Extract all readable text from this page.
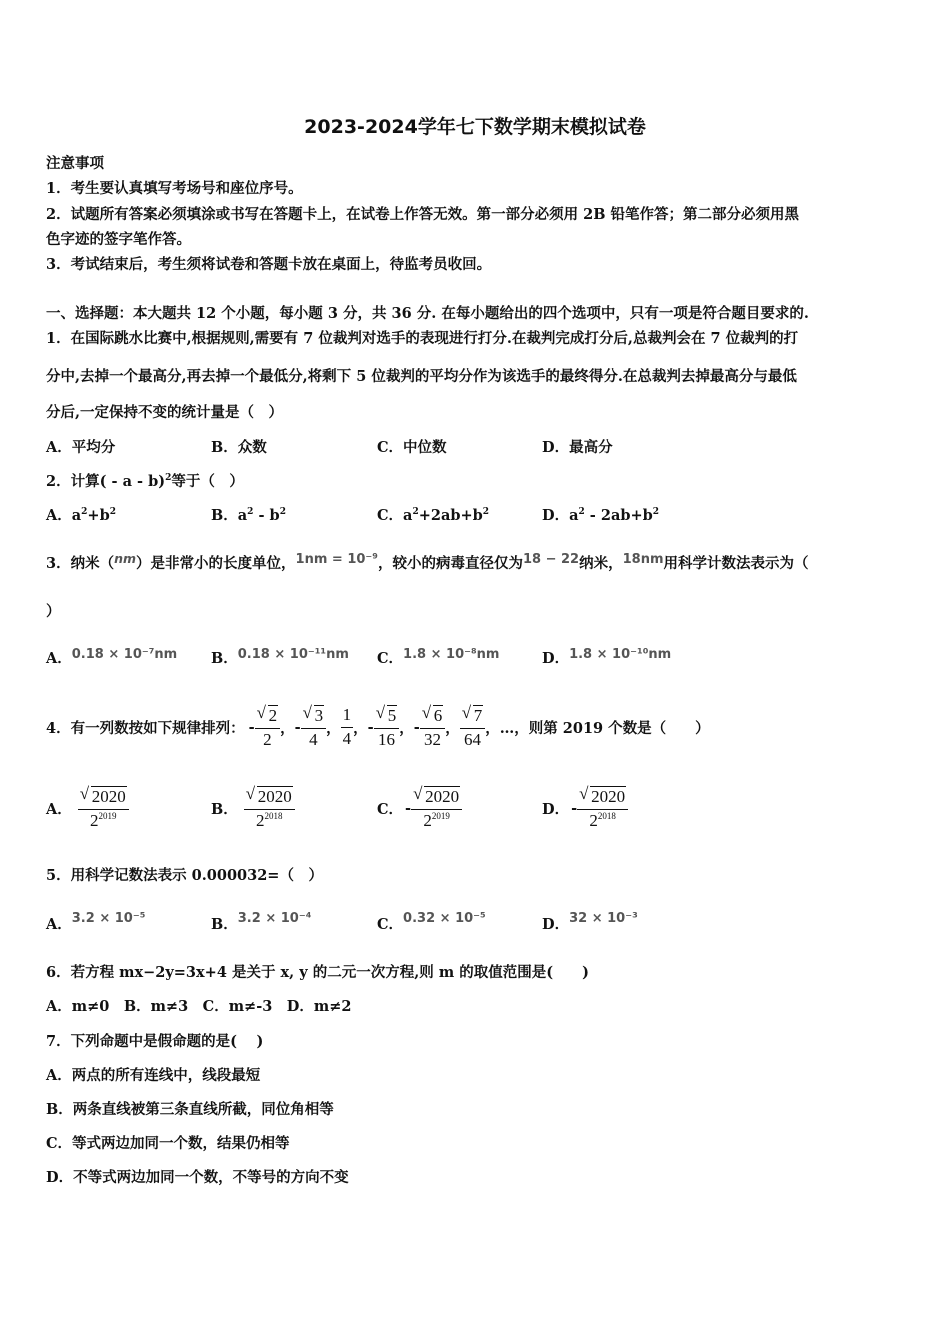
2023-2024学年七下数学期末模拟试卷
注意事项
1．考生要认真填写考场号和座位序号。
2．试题所有答案必须填涂或书写在答题卡上，在试卷上作答无效。第一部分必须用 2B 铅笔作答；第二部分必须用黑
色字迹的签字笔作答。
3．考试结束后，考生须将试卷和答题卡放在桌面上，待监考员收回。
一、选择题：本大题共 12 个小题，每小题 3 分，共 36 分. 在每小题给出的四个选项中，只有一项是符合题目要求的.
1．在国际跳水比赛中,根据规则,需要有 7 位裁判对选手的表现进行打分.在裁判完成打分后,总裁判会在 7 位裁判的打
分中,去掉一个最高分,再去掉一个最低分,将剩下 5 位裁判的平均分作为该选手的最终得分.在总裁判去掉最高分与最低
分后,一定保持不变的统计量是（　）
A．平均分	B．众数	C．中位数	D．最高分
2．计算( - a - b)$^2$等于（　）
A．$a^2+b^2$	B．$a^2 - b^2$	C．$a^2+2ab+b^2$	D．$a^2 - 2ab+b^2$
3．纳米（nm）是非常小的长度单位，1nm = 10⁻⁹，较小的病毒直径仅为18 − 22纳米，18nm用科学计数法表示为（
）
A．0.18 × 10⁻⁷nm B．0.18 × 10⁻¹¹nm C．1.8 × 10⁻⁸nm	D．1.8 × 10⁻¹⁰nm
4．有一列数按如下规律排列： - $\frac{√ 2}{2}$ ， - $\frac{√ 3}{4}$ ， $\frac{1}{4}$ ， - $\frac{√ 5}{16}$ ， - $\frac{√ 6}{32}$ ， $\frac{√ 7}{64}$ ，…，则第 2019 个数是（　　）
A． $\frac{√ 2020}{2^{2019}}$	B． $\frac{√ 2020}{2^{2018}}$	C． - $\frac{√ 2020}{2^{2019}}$	D． - $\frac{√ 2020}{2^{2018}}$
5．用科学记数法表示 0.000032=（　）
A．3.2 × 10⁻⁵	B．3.2 × 10⁻⁴	C．0.32 × 10⁻⁵	D．32 × 10⁻³
6．若方程 mx−2y=3x+4 是关于 x, y 的二元一次方程,则 m 的取值范围是(　　)
A．m≠0　B．m≠3　C．m≠-3　D．m≠2
7．下列命题中是假命题的是(　 )
A．两点的所有连线中，线段最短
B．两条直线被第三条直线所截，同位角相等
C．等式两边加同一个数，结果仍相等
D．不等式两边加同一个数，不等号的方向不变
